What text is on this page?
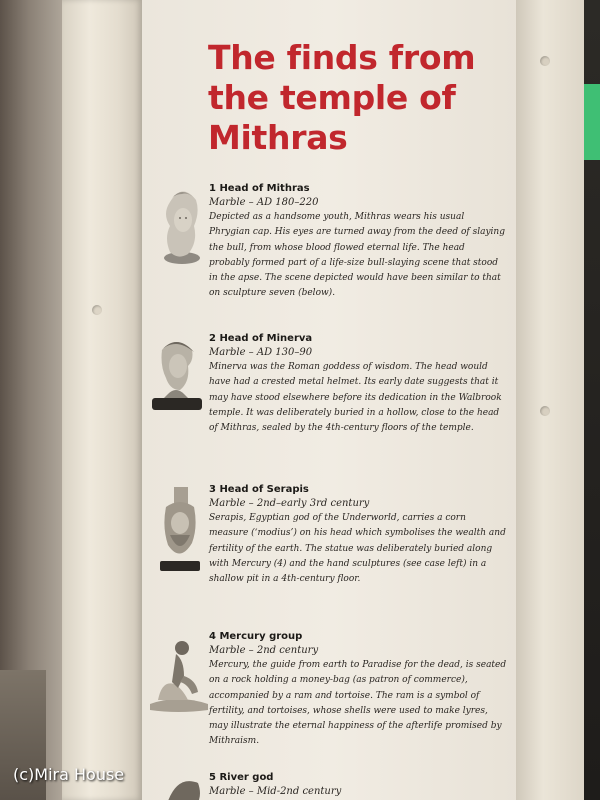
The finds from
the temple of
Mithras
1 Head of Mithras
Marble – AD 180–220

Depicted as a handsome youth, Mithras wears his usual Phrygian cap. His eyes are turned away from the deed of slaying the bull, from whose blood flowed eternal life. The head probably formed part of a life-size bull-slaying scene that stood in the apse. The scene depicted would have been similar to that on sculpture seven (below).

2 Head of Minerva
Marble – AD 130–90

Minerva was the Roman goddess of wisdom. The head would have had a crested metal helmet. Its early date suggests that it may have stood elsewhere before its dedication in the Walbrook temple. It was deliberately buried in a hollow, close to the head of Mithras, sealed by the 4th-century floors of the temple.

3 Head of Serapis
Marble – 2nd–early 3rd century

Serapis, Egyptian god of the Underworld, carries a corn measure (‘modius’) on his head which symbolises the wealth and fertility of the earth. The statue was deliberately buried along with Mercury (4) and the hand sculptures (see case left) in a shallow pit in a 4th-century floor.

4 Mercury group
Marble – 2nd century

Mercury, the guide from earth to Paradise for the dead, is seated on a rock holding a money-bag (as patron of commerce), accompanied by a ram and tortoise. The ram is a symbol of fertility, and tortoises, whose shells were used to make lyres, may illustrate the eternal happiness of the afterlife promised by Mithraism.

5 River god
Marble – Mid-2nd century
(c)Mira House
